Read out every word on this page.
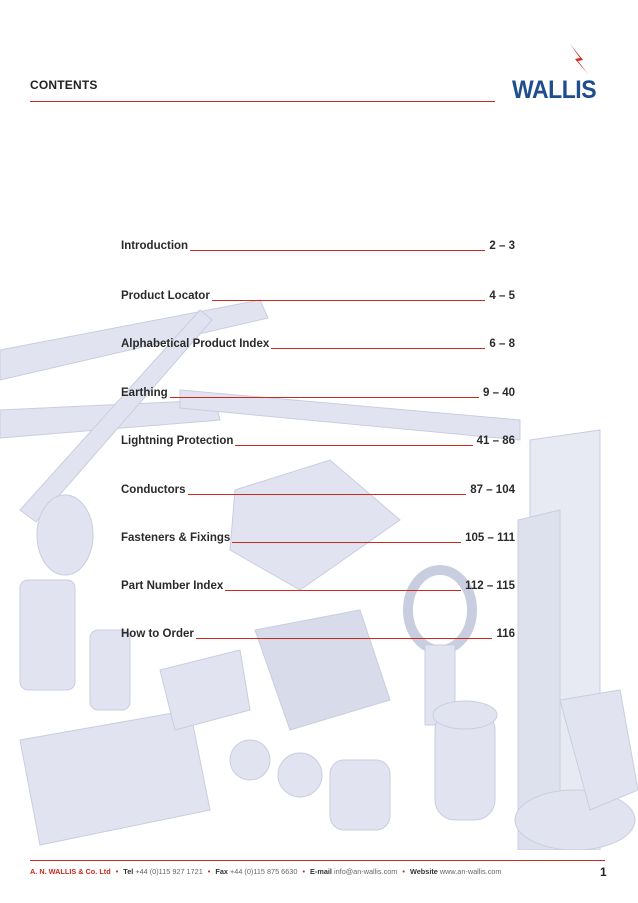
CONTENTS	WALLIS
Introduction	2 – 3
Product Locator	4 – 5
Alphabetical Product Index	6 – 8
Earthing	9 – 40
Lightning Protection	41 – 86
Conductors	87 – 104
Fasteners & Fixings	105 – 111
Part Number Index	112 – 115
How to Order	116
A. N. WALLIS & Co. Ltd • Tel +44 (0)115 927 1721 • Fax +44 (0)115 875 6630 • E-mail info@an-wallis.com • Website www.an-wallis.com	1
